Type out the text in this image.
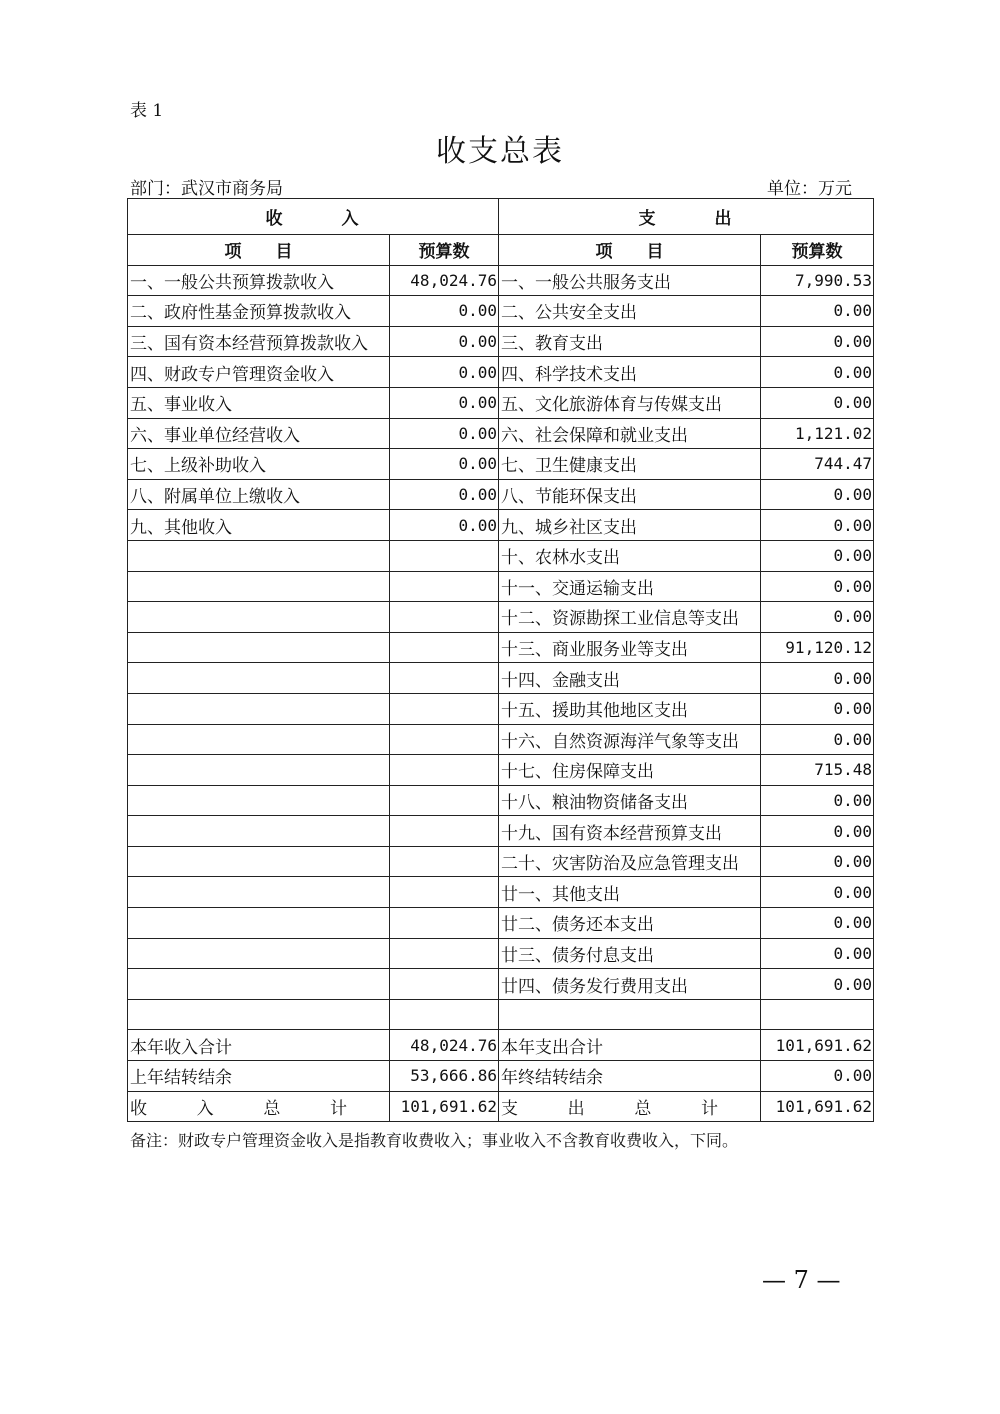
表 1
收支总表
部门：武汉市商务局	单位：万元
收　　　入		支　　　出	
项　　目	预算数	项　　目	预算数
一、一般公共预算拨款收入	48,024.76	一、一般公共服务支出	7,990.53
二、政府性基金预算拨款收入	0.00	二、公共安全支出	0.00
三、国有资本经营预算拨款收入	0.00	三、教育支出	0.00
四、财政专户管理资金收入	0.00	四、科学技术支出	0.00
五、事业收入	0.00	五、文化旅游体育与传媒支出	0.00
六、事业单位经营收入	0.00	六、社会保障和就业支出	1,121.02
七、上级补助收入	0.00	七、卫生健康支出	744.47
八、附属单位上缴收入	0.00	八、节能环保支出	0.00
九、其他收入	0.00	九、城乡社区支出	0.00
		十、农林水支出	0.00
		十一、交通运输支出	0.00
		十二、资源勘探工业信息等支出	0.00
		十三、商业服务业等支出	91,120.12
		十四、金融支出	0.00
		十五、援助其他地区支出	0.00
		十六、自然资源海洋气象等支出	0.00
		十七、住房保障支出	715.48
		十八、粮油物资储备支出	0.00
		十九、国有资本经营预算支出	0.00
		二十、灾害防治及应急管理支出	0.00
		廿一、其他支出	0.00
		廿二、债务还本支出	0.00
		廿三、债务付息支出	0.00
		廿四、债务发行费用支出	0.00

本年收入合计	48,024.76	本年支出合计	101,691.62
上年结转结余	53,666.86	年终结转结余	0.00

收 入 总 计	101,691.62	支 出 总 计	101,691.62
备注：财政专户管理资金收入是指教育收费收入；事业收入不含教育收费收入，下同。
— 7 —
